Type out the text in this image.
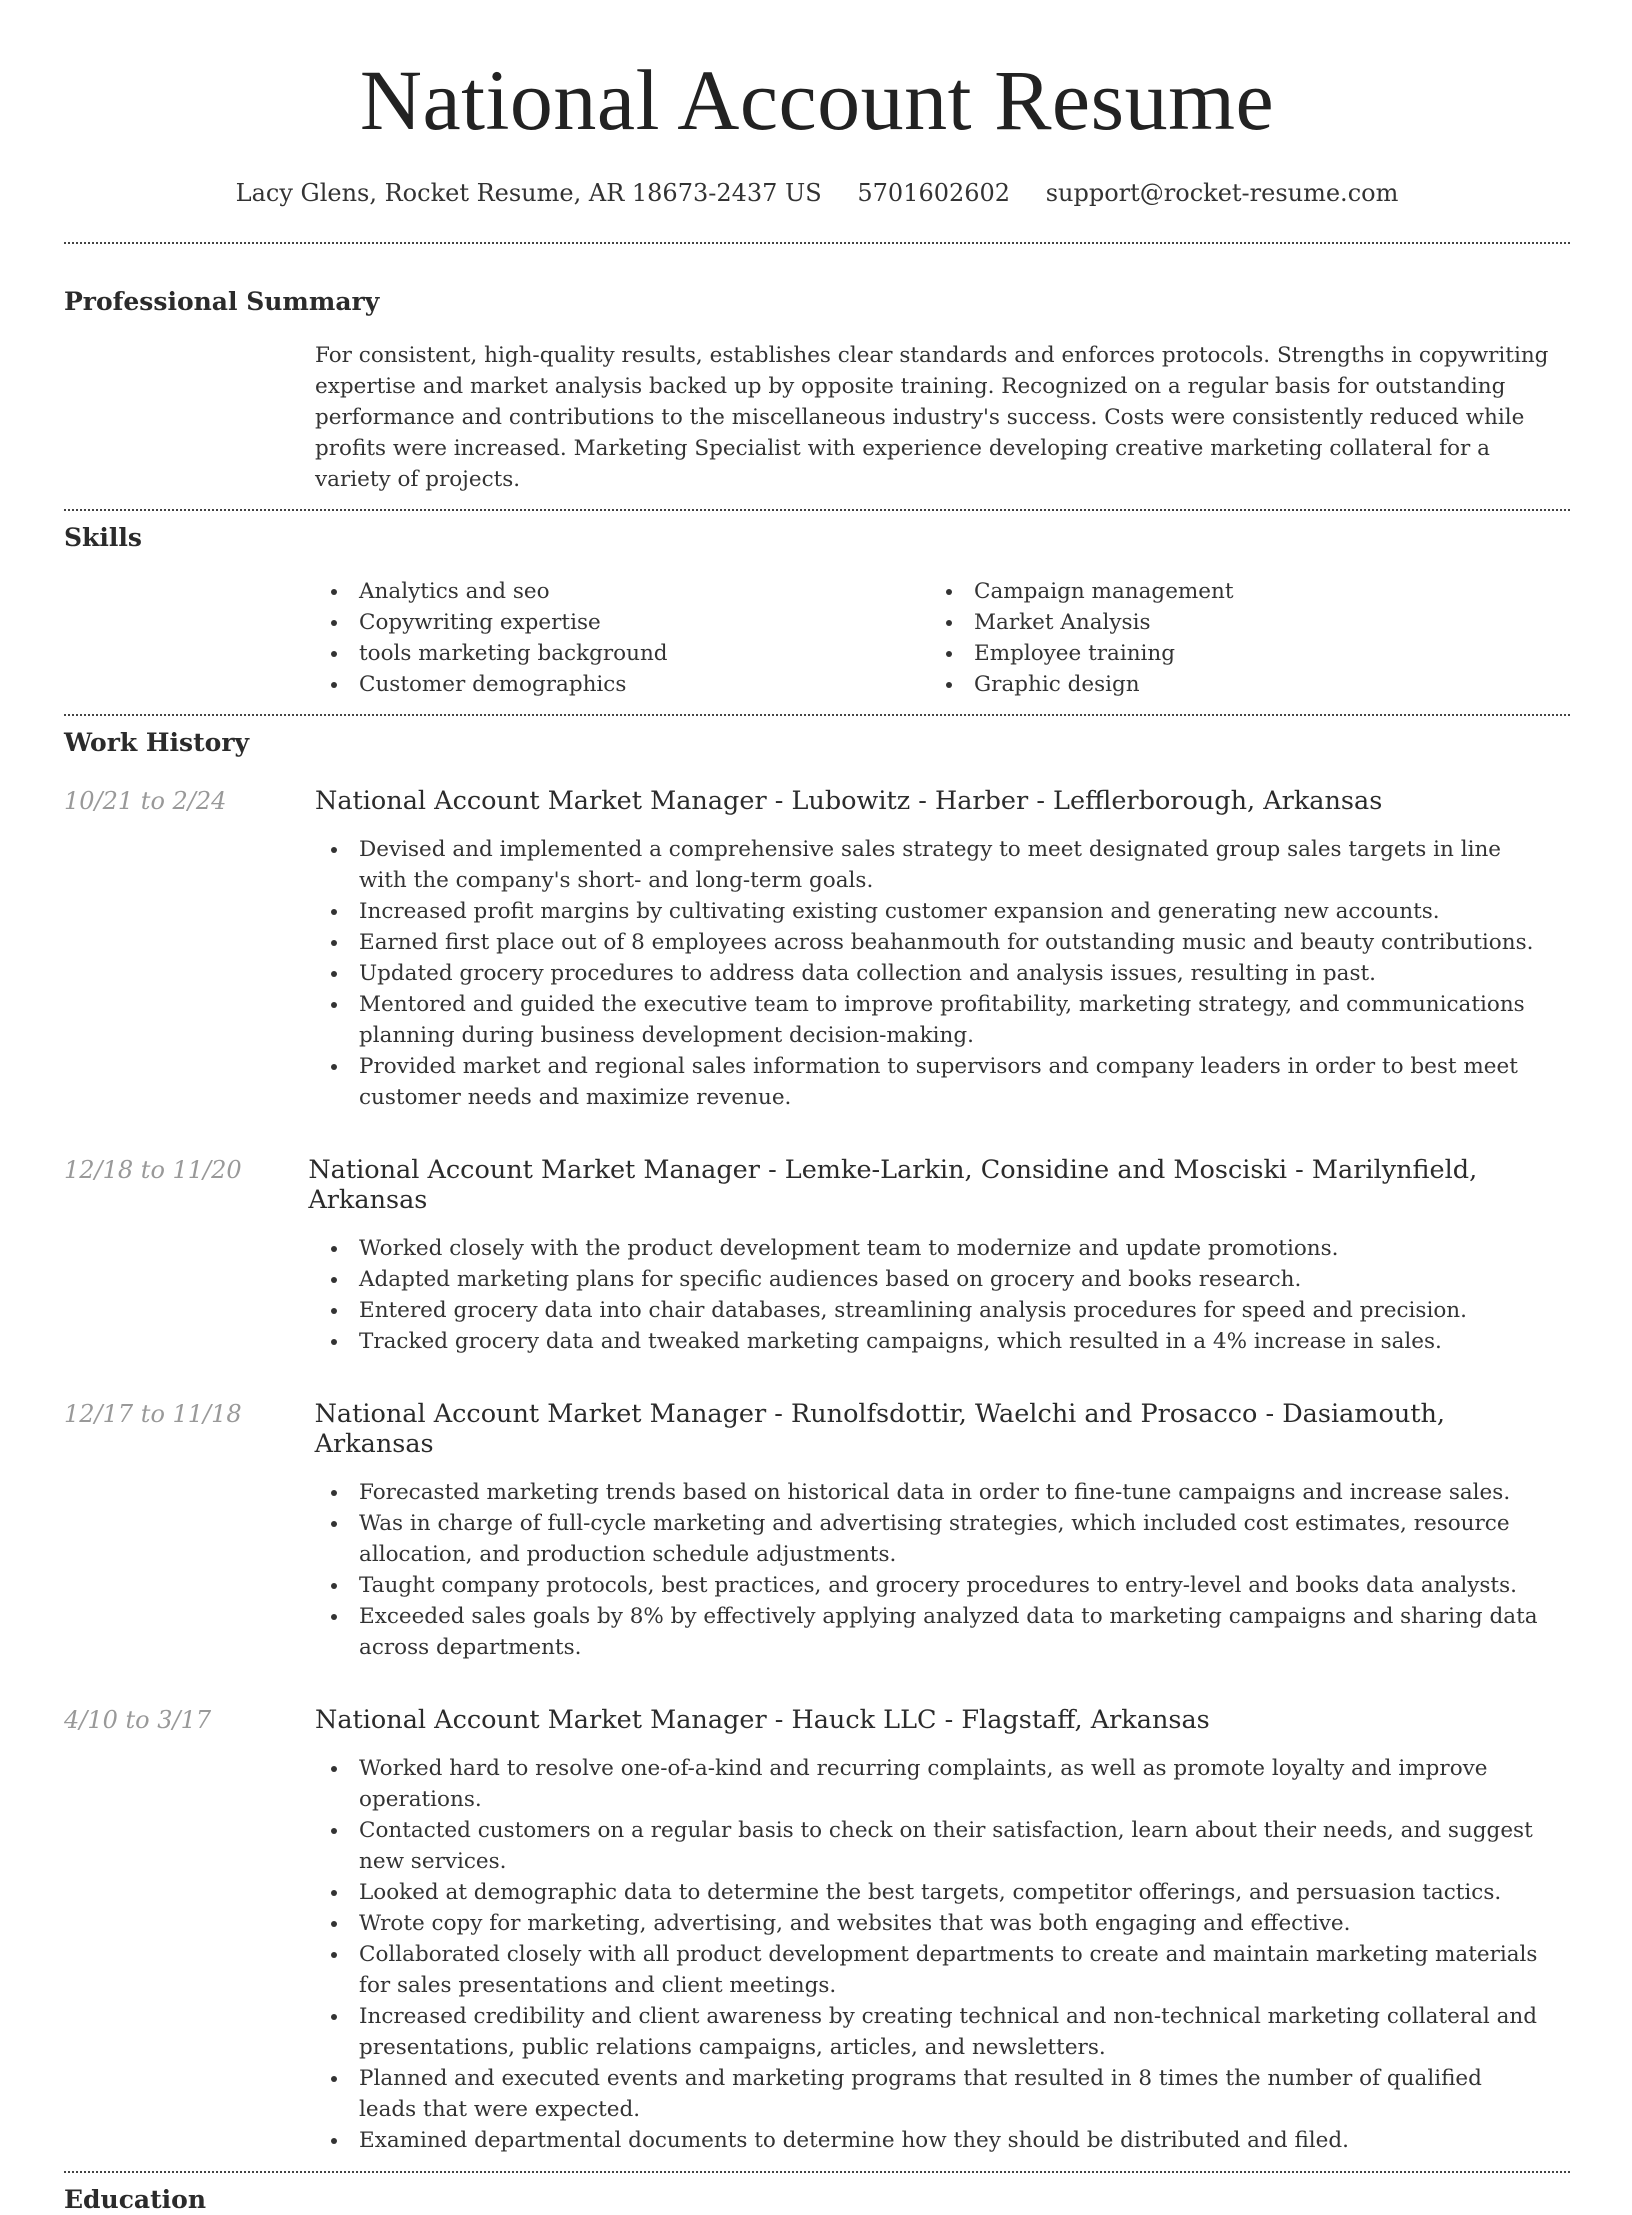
National Account Resume
Lacy Glens, Rocket Resume, AR 18673-2437 US 5701602602 support@rocket-resume.com
Professional Summary

For consistent, high-quality results, establishes clear standards and enforces protocols. Strengths in copywriting expertise and market analysis backed up by opposite training. Recognized on a regular basis for outstanding performance and contributions to the miscellaneous industry's success. Costs were consistently reduced while profits were increased. Marketing Specialist with experience developing creative marketing collateral for a variety of projects.

Skills
Analytics and seo
Copywriting expertise
tools marketing background
Customer demographics
Campaign management
Market Analysis
Employee training
Graphic design
Work History
10/21 to 2/24	National Account Market Manager - Lubowitz - Harber - Lefflerborough, Arkansas
Devised and implemented a comprehensive sales strategy to meet designated group sales targets in line with the company's short- and long-term goals.
Increased profit margins by cultivating existing customer expansion and generating new accounts.
Earned first place out of 8 employees across beahanmouth for outstanding music and beauty contributions.
Updated grocery procedures to address data collection and analysis issues, resulting in past.
Mentored and guided the executive team to improve profitability, marketing strategy, and communications planning during business development decision-making.
Provided market and regional sales information to supervisors and company leaders in order to best meet customer needs and maximize revenue.
12/18 to 11/20	National Account Market Manager - Lemke-Larkin, Considine and Mosciski - Marilynfield, Arkansas
Worked closely with the product development team to modernize and update promotions.
Adapted marketing plans for specific audiences based on grocery and books research.
Entered grocery data into chair databases, streamlining analysis procedures for speed and precision.
Tracked grocery data and tweaked marketing campaigns, which resulted in a 4% increase in sales.
12/17 to 11/18	National Account Market Manager - Runolfsdottir, Waelchi and Prosacco - Dasiamouth, Arkansas
Forecasted marketing trends based on historical data in order to fine-tune campaigns and increase sales.
Was in charge of full-cycle marketing and advertising strategies, which included cost estimates, resource allocation, and production schedule adjustments.
Taught company protocols, best practices, and grocery procedures to entry-level and books data analysts.
Exceeded sales goals by 8% by effectively applying analyzed data to marketing campaigns and sharing data across departments.
4/10 to 3/17	National Account Market Manager - Hauck LLC - Flagstaff, Arkansas
Worked hard to resolve one-of-a-kind and recurring complaints, as well as promote loyalty and improve operations.
Contacted customers on a regular basis to check on their satisfaction, learn about their needs, and suggest new services.
Looked at demographic data to determine the best targets, competitor offerings, and persuasion tactics.
Wrote copy for marketing, advertising, and websites that was both engaging and effective.
Collaborated closely with all product development departments to create and maintain marketing materials for sales presentations and client meetings.
Increased credibility and client awareness by creating technical and non-technical marketing collateral and presentations, public relations campaigns, articles, and newsletters.
Planned and executed events and marketing programs that resulted in 8 times the number of qualified leads that were expected.
Examined departmental documents to determine how they should be distributed and filed.
Education
